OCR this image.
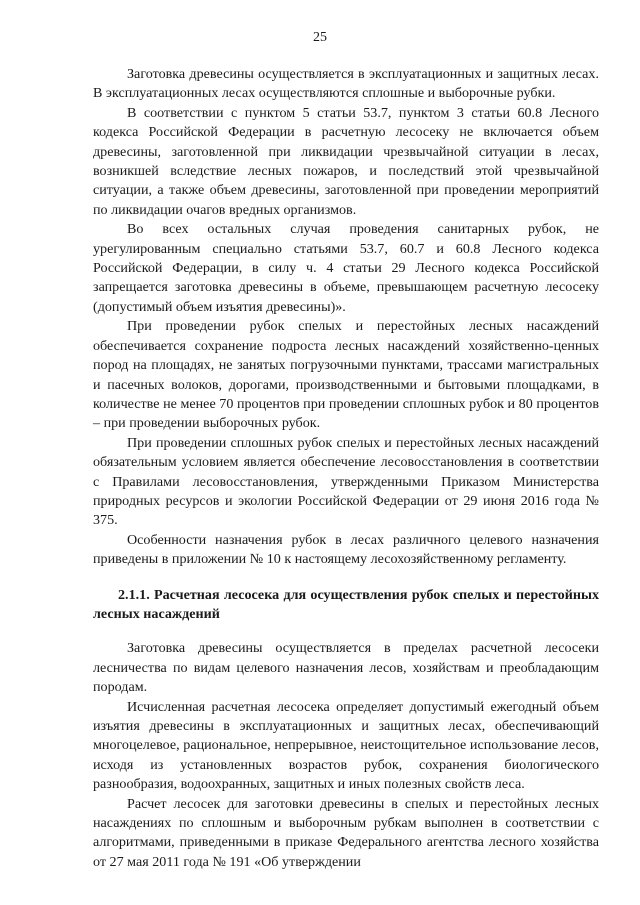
25

Заготовка древесины осуществляется в эксплуатационных и защитных лесах. В эксплуатационных лесах осуществляются сплошные и выборочные рубки.

В соответствии с пунктом 5 статьи 53.7, пунктом 3 статьи 60.8 Лесного кодекса Российской Федерации в расчетную лесосеку не включается объем древесины, заготовленной при ликвидации чрезвычайной ситуации в лесах, возникшей вследствие лесных пожаров, и последствий этой чрезвычайной ситуации, а также объем древесины, заготовленной при проведении мероприятий по ликвидации очагов вредных организмов.

Во всех остальных случая проведения санитарных рубок, не урегулированным специально статьями 53.7, 60.7 и 60.8 Лесного кодекса Российской Федерации, в силу ч. 4 статьи 29 Лесного кодекса Российской запрещается заготовка древесины в объеме, превышающем расчетную лесосеку (допустимый объем изъятия древесины)».

При проведении рубок спелых и перестойных лесных насаждений обеспечивается сохранение подроста лесных насаждений хозяйственно-ценных пород на площадях, не занятых погрузочными пунктами, трассами магистральных и пасечных волоков, дорогами, производственными и бытовыми площадками, в количестве не менее 70 процентов при проведении сплошных рубок и 80 процентов – при проведении выборочных рубок.

При проведении сплошных рубок спелых и перестойных лесных насаждений обязательным условием является обеспечение лесовосстановления в соответствии с Правилами лесовосстановления, утвержденными Приказом Министерства природных ресурсов и экологии Российской Федерации от 29 июня 2016 года № 375.

Особенности назначения рубок в лесах различного целевого назначения приведены в приложении № 10 к настоящему лесохозяйственному регламенту.

2.1.1. Расчетная лесосека для осуществления рубок спелых и перестойных лесных насаждений

Заготовка древесины осуществляется в пределах расчетной лесосеки лесничества по видам целевого назначения лесов, хозяйствам и преобладающим породам.

Исчисленная расчетная лесосека определяет допустимый ежегодный объем изъятия древесины в эксплуатационных и защитных лесах, обеспечивающий многоцелевое, рациональное, непрерывное, неистощительное использование лесов, исходя из установленных возрастов рубок, сохранения биологического разнообразия, водоохранных, защитных и иных полезных свойств леса.

Расчет лесосек для заготовки древесины в спелых и перестойных лесных насаждениях по сплошным и выборочным рубкам выполнен в соответствии с алгоритмами, приведенными в приказе Федерального агентства лесного хозяйства от 27 мая 2011 года № 191 «Об утверждении
